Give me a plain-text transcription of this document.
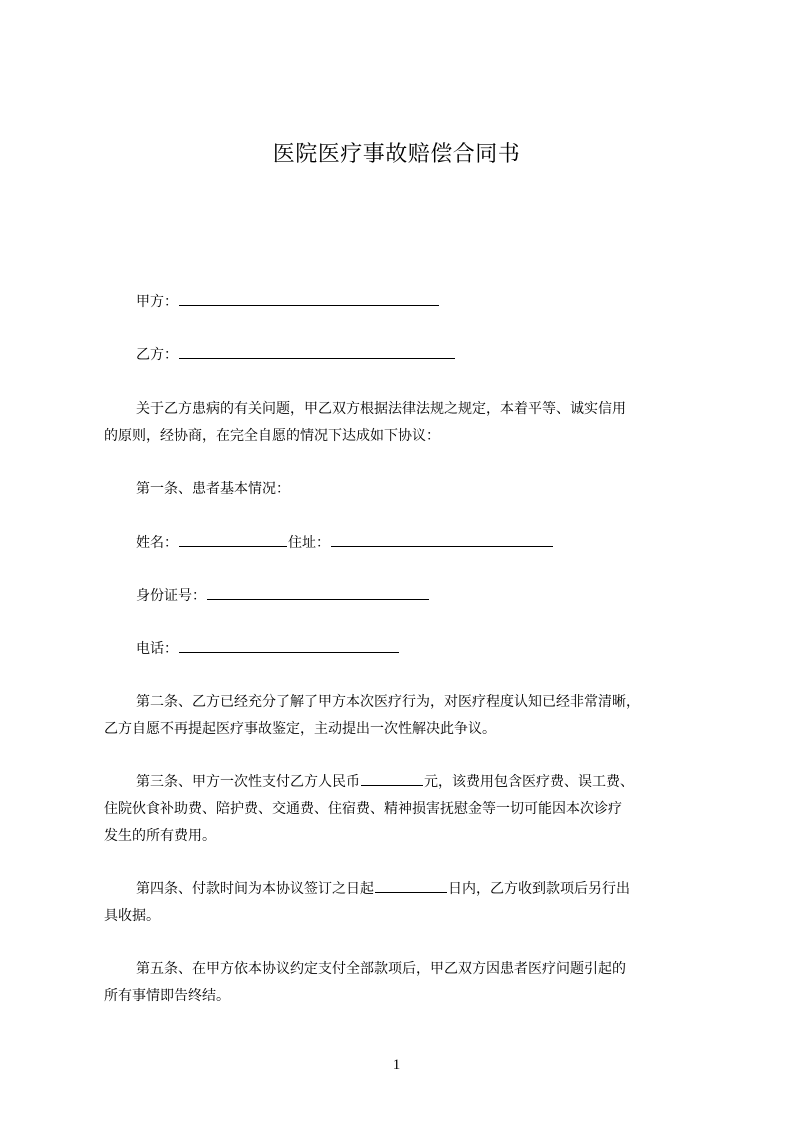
医院医疗事故赔偿合同书
甲方：
乙方：
关于乙方患病的有关问题，甲乙双方根据法律法规之规定，本着平等、诚实信用
的原则，经协商，在完全自愿的情况下达成如下协议：
第一条、患者基本情况：
姓名：	住址：
身份证号：
电话：
第二条、乙方已经充分了解了甲方本次医疗行为，对医疗程度认知已经非常清晰，
乙方自愿不再提起医疗事故鉴定，主动提出一次性解决此争议。
第三条、甲方一次性支付乙方人民币	元，该费用包含医疗费、误工费、
住院伙食补助费、陪护费、交通费、住宿费、精神损害抚慰金等一切可能因本次诊疗
发生的所有费用。
第四条、付款时间为本协议签订之日起	日内，乙方收到款项后另行出
具收据。
第五条、在甲方依本协议约定支付全部款项后，甲乙双方因患者医疗问题引起的
所有事情即告终结。
1
